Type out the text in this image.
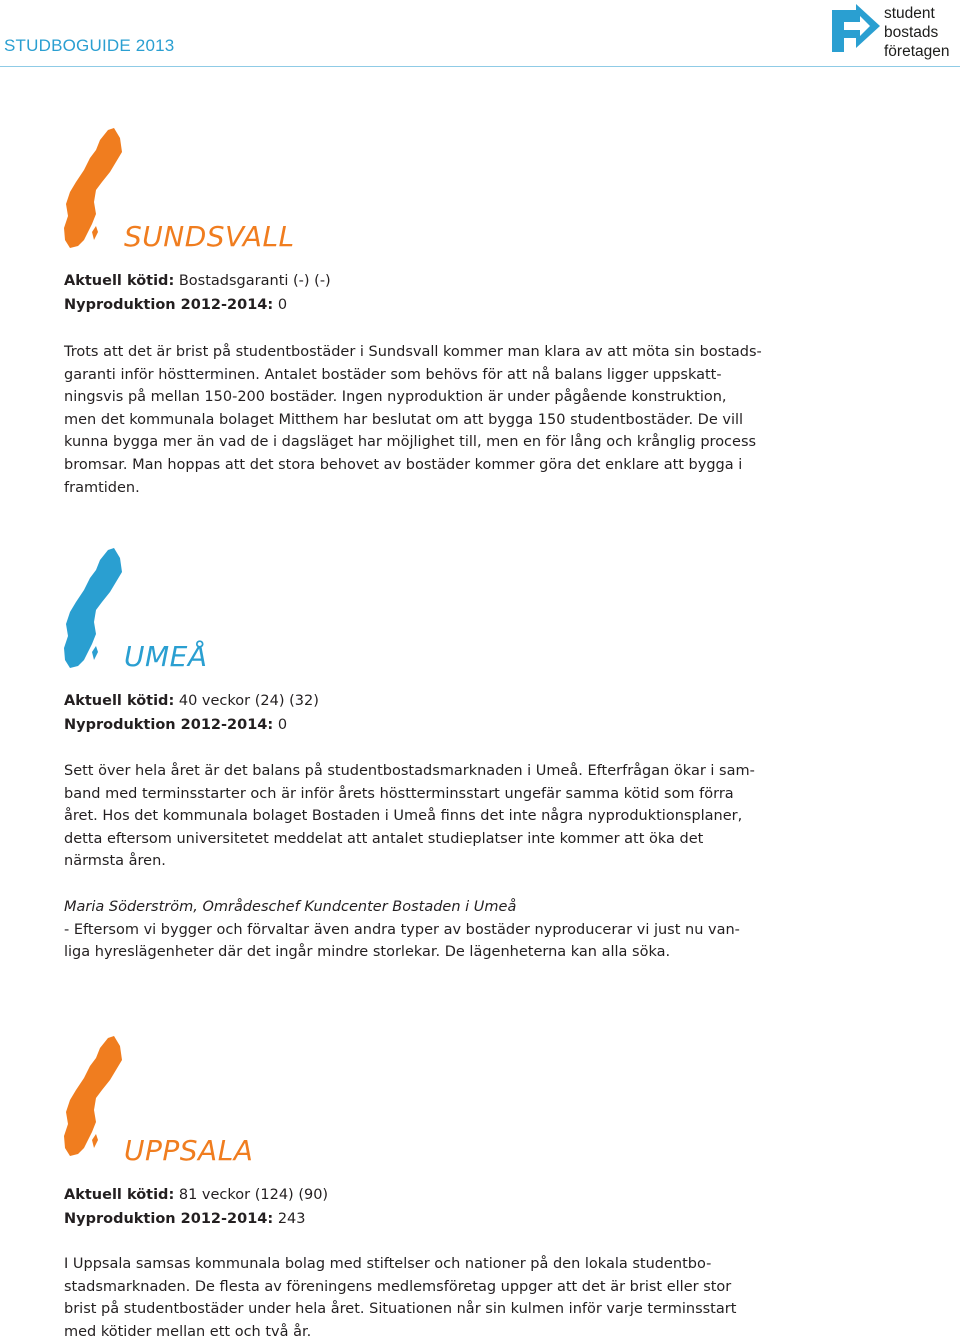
STUDBOGUIDE 2013
student
bostads
företagen
SUNDSVALL
Aktuell kötid: Bostadsgaranti (-) (-)
Nyproduktion 2012-2014: 0
Trots att det är brist på studentbostäder i Sundsvall kommer man klara av att möta sin bostads-
garanti inför höstterminen. Antalet bostäder som behövs för att nå balans ligger uppskatt-
ningsvis på mellan 150-200 bostäder. Ingen nyproduktion är under pågående konstruktion,
men det kommunala bolaget Mitthem har beslutat om att bygga 150 studentbostäder. De vill
kunna bygga mer än vad de i dagsläget har möjlighet till, men en för lång och krånglig process
bromsar. Man hoppas att det stora behovet av bostäder kommer göra det enklare att bygga i
framtiden.
UMEÅ
Aktuell kötid: 40 veckor (24) (32)
Nyproduktion 2012-2014: 0
Sett över hela året är det balans på studentbostadsmarknaden i Umeå. Efterfrågan ökar i sam-
band med terminsstarter och är inför årets höstterminsstart ungefär samma kötid som förra
året. Hos det kommunala bolaget Bostaden i Umeå finns det inte några nyproduktionsplaner,
detta eftersom universitetet meddelat att antalet studieplatser inte kommer att öka det
närmsta åren.
Maria Söderström, Områdeschef Kundcenter Bostaden i Umeå
- Eftersom vi bygger och förvaltar även andra typer av bostäder nyproducerar vi just nu van-
liga hyreslägenheter där det ingår mindre storlekar. De lägenheterna kan alla söka.
UPPSALA
Aktuell kötid: 81 veckor (124) (90)
Nyproduktion 2012-2014: 243
I Uppsala samsas kommunala bolag med stiftelser och nationer på den lokala studentbo-
stadsmarknaden. De flesta av föreningens medlemsföretag uppger att det är brist eller stor
brist på studentbostäder under hela året. Situationen når sin kulmen inför varje terminsstart
med kötider mellan ett och två år.
